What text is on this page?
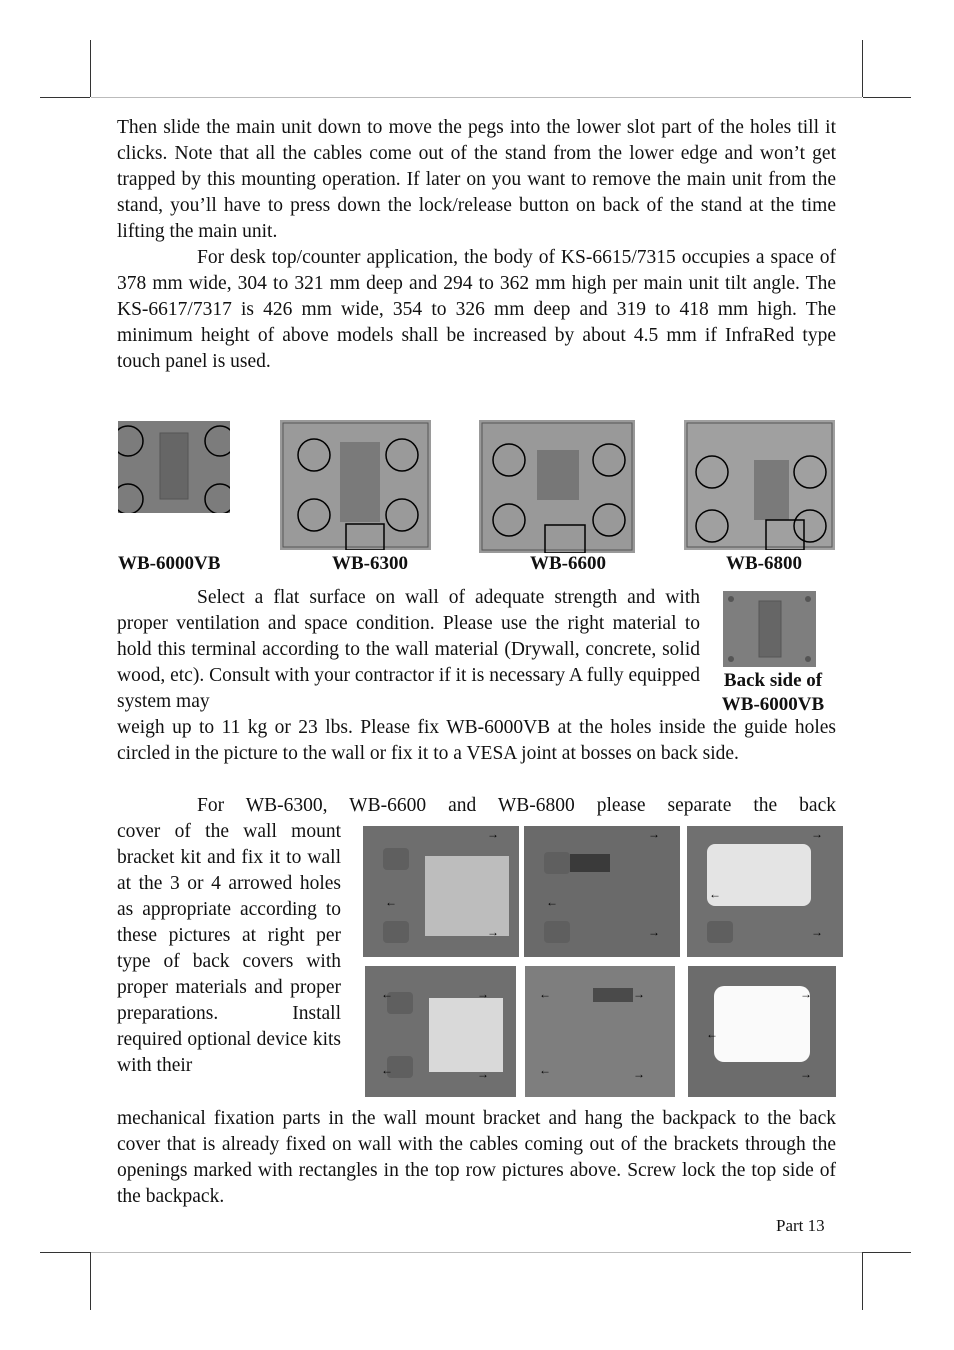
Then slide the main unit down to move the pegs into the lower slot part of the holes till it clicks. Note that all the cables come out of the stand from the lower edge and won’t get trapped by this mounting operation. If later on you want to remove the main unit from the stand, you’ll have to press down the lock/release button on back of the stand at the time lifting the main unit.

For desk top/counter application, the body of KS-6615/7315 occupies a space of 378 mm wide, 304 to 321 mm deep and 294 to 362 mm high per main unit tilt angle. The KS-6617/7317 is 426 mm wide, 354 to 326 mm deep and 319 to 418 mm high. The minimum height of above models shall be increased by about 4.5 mm if InfraRed type touch panel is used.

WB-6000VB	WB-6300	WB-6600	WB-6800
Back side of
WB-6000VB

Select a flat surface on wall of adequate strength and with proper ventilation and space condition. Please use the right material to hold this terminal according to the wall material (Drywall, concrete, solid wood, etc). Consult with your contractor if it is necessary A fully equipped system may

weigh up to 11 kg or 23 lbs. Please fix WB-6000VB at the holes inside the guide holes circled in the picture to the wall or fix it to a VESA joint at bosses on back side.

For WB-6300, WB-6600 and WB-6800 please separate the back

cover of the wall mount bracket kit and fix it to wall at the 3 or 4 arrowed holes as appropriate according to these pictures at right per type of back covers with proper materials and proper preparations. Install required optional device kits with their

→
←
→
→
←
→
→
←
→
←	→
←	→
←	→
←	→
→
←
→

mechanical fixation parts in the wall mount bracket and hang the backpack to the back cover that is already fixed on wall with the cables coming out of the brackets through the openings marked with rectangles in the top row pictures above. Screw lock the top side of the backpack.

Part 13
